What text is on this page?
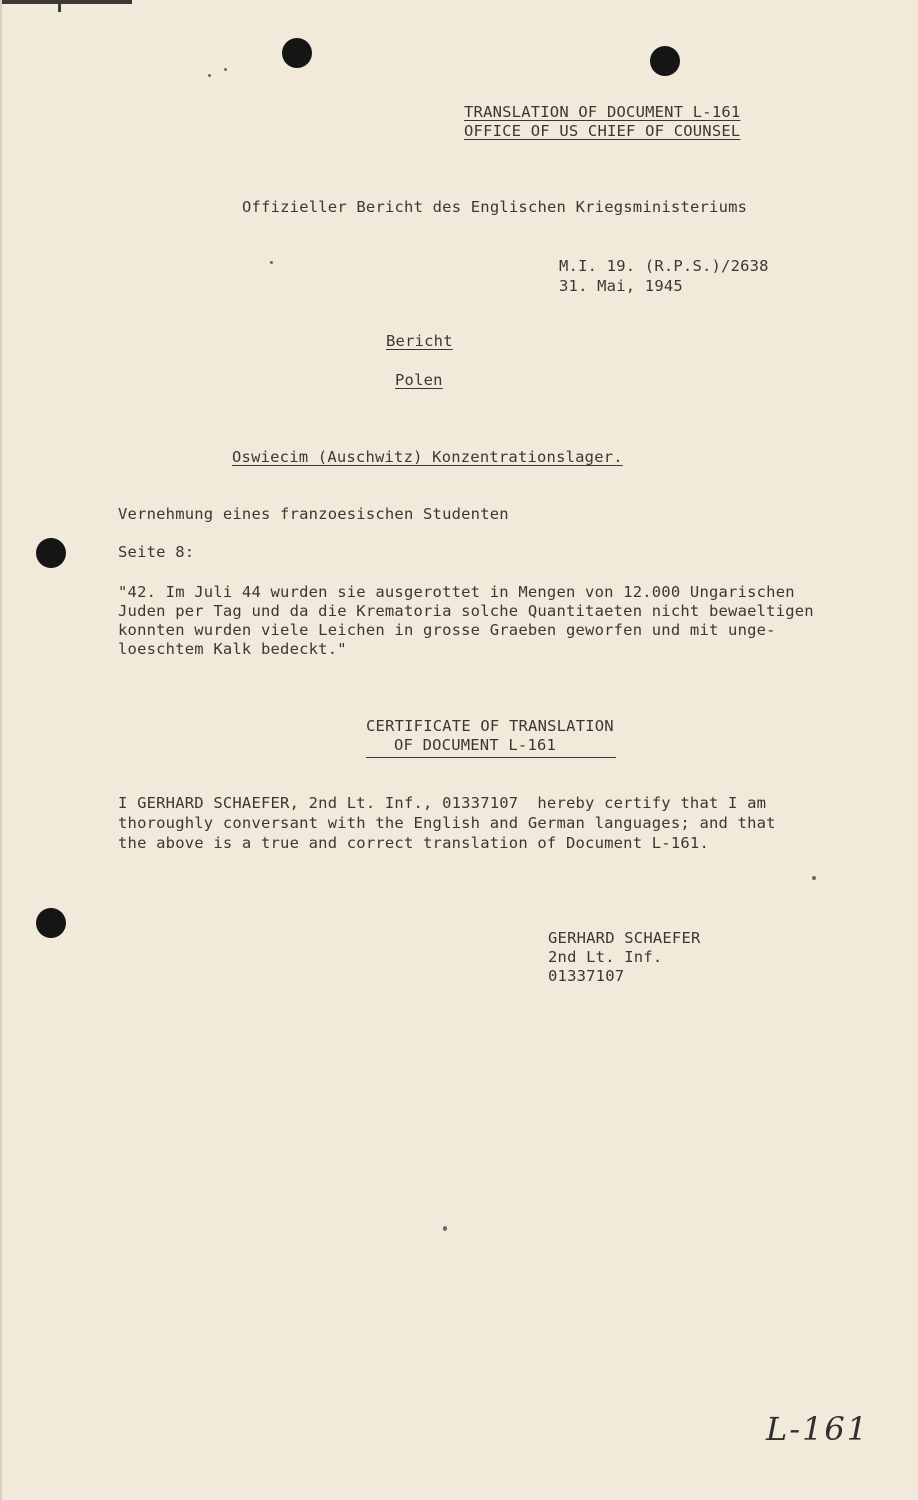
TRANSLATION OF DOCUMENT L-161
OFFICE OF US CHIEF OF COUNSEL
Offizieller Bericht des Englischen Kriegsministeriums
M.I. 19. (R.P.S.)/2638
31. Mai, 1945
Bericht
Polen
Oswiecim (Auschwitz) Konzentrationslager.
Vernehmung eines franzoesischen Studenten
Seite 8:
"42. Im Juli 44 wurden sie ausgerottet in Mengen von 12.000 Ungarischen
Juden per Tag und da die Krematoria solche Quantitaeten nicht bewaeltigen
konnten wurden viele Leichen in grosse Graeben geworfen und mit unge-
loeschtem Kalk bedeckt."
CERTIFICATE OF TRANSLATION
OF DOCUMENT L-161
I GERHARD SCHAEFER, 2nd Lt. Inf., 01337107  hereby certify that I am
thoroughly conversant with the English and German languages; and that
the above is a true and correct translation of Document L-161.
GERHARD SCHAEFER
2nd Lt. Inf.
01337107
L-161
